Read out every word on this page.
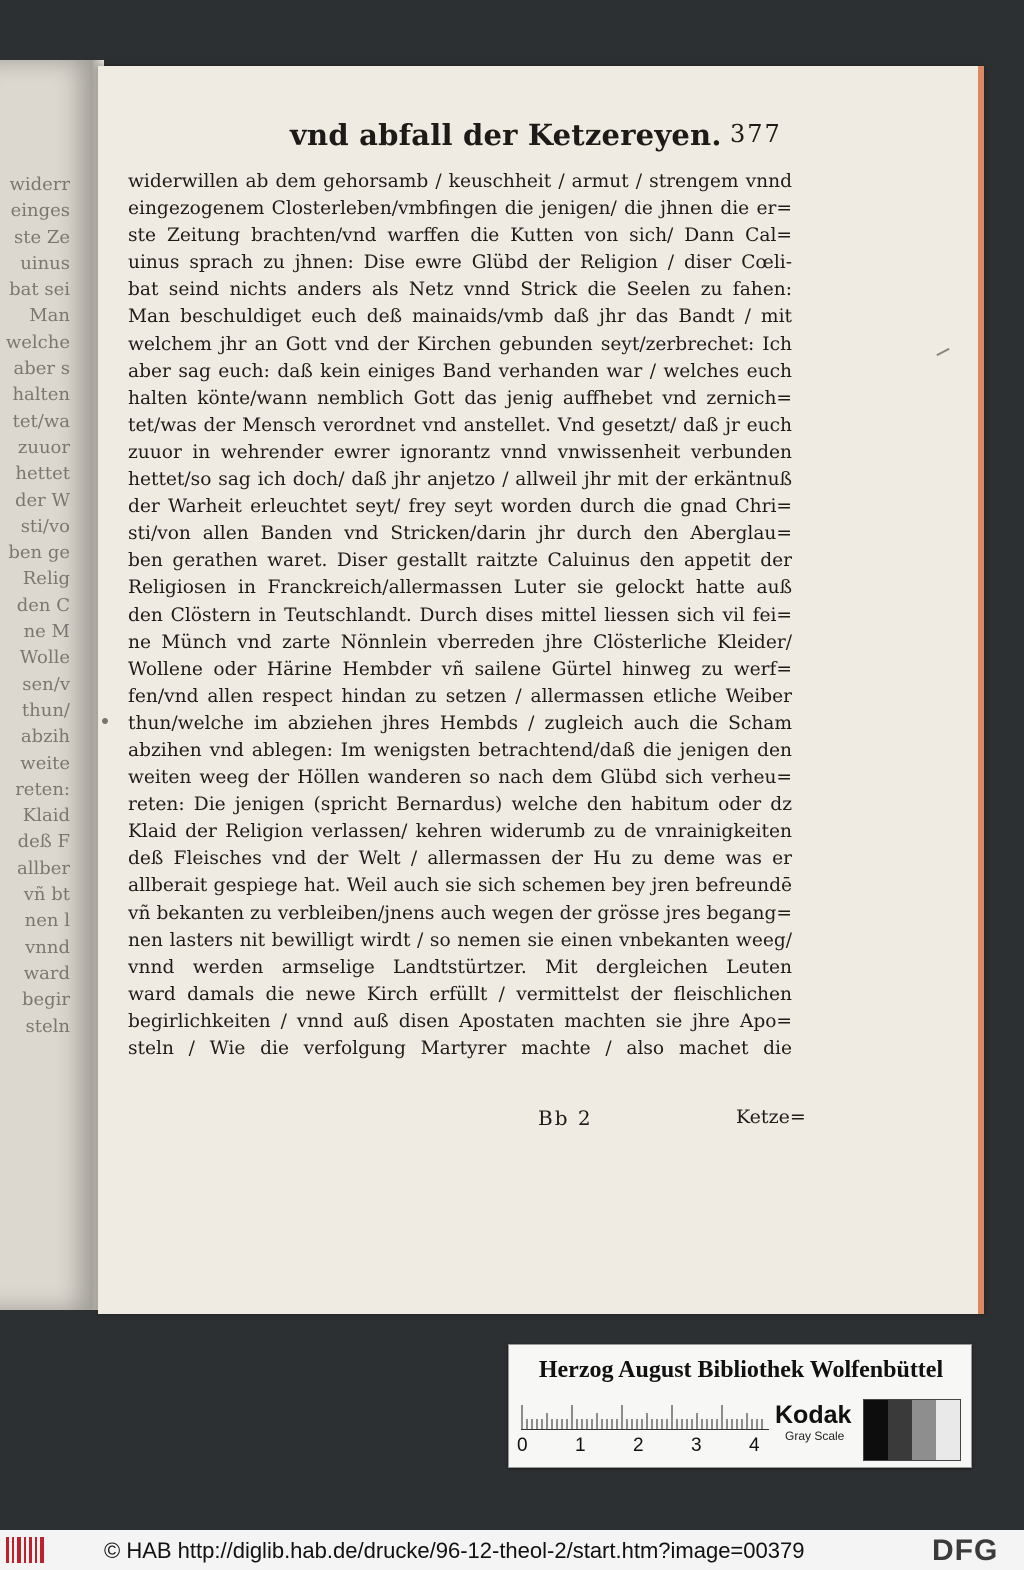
widerr
einges
ste Ze
uinus
bat sei
Man
welche
aber s
halten
tet/wa
zuuor
hettet
der W
sti/vo
ben ge
Relig
den C
ne M
Wolle
sen/v
thun/
abzih
weite
reten:
Klaid
deß F
allber
vñ bt
nen l
vnnd
ward
begir
steln
vnd abfall der Ketzereyen. 377
widerwillen ab dem gehorsamb / keuschheit / armut / strengem vnnd
eingezogenem Closterleben/vmbfingen die jenigen/ die jhnen die er=
ste Zeitung brachten/vnd warffen die Kutten von sich/ Dann Cal=
uinus sprach zu jhnen: Dise ewre Glübd der Religion / diser Cœli-
bat seind nichts anders als Netz vnnd Strick die Seelen zu fahen:
Man beschuldiget euch deß mainaids/vmb daß jhr das Bandt / mit
welchem jhr an Gott vnd der Kirchen gebunden seyt/zerbrechet: Ich
aber sag euch: daß kein einiges Band verhanden war / welches euch
halten könte/wann nemblich Gott das jenig auffhebet vnd zernich=
tet/was der Mensch verordnet vnd anstellet. Vnd gesetzt/ daß jr euch
zuuor in wehrender ewrer ignorantz vnnd vnwissenheit verbunden
hettet/so sag ich doch/ daß jhr anjetzo / allweil jhr mit der erkäntnuß
der Warheit erleuchtet seyt/ frey seyt worden durch die gnad Chri=
sti/von allen Banden vnd Stricken/darin jhr durch den Aberglau=
ben gerathen waret. Diser gestallt raitzte Caluinus den appetit der
Religiosen in Franckreich/allermassen Luter sie gelockt hatte auß
den Clöstern in Teutschlandt. Durch dises mittel liessen sich vil fei=
ne Münch vnd zarte Nönnlein vberreden jhre Clösterliche Kleider/
Wollene oder Härine Hembder vñ sailene Gürtel hinweg zu werf=
fen/vnd allen respect hindan zu setzen / allermassen etliche Weiber
thun/welche im abziehen jhres Hembds / zugleich auch die Scham
abzihen vnd ablegen: Im wenigsten betrachtend/daß die jenigen den
weiten weeg der Höllen wanderen so nach dem Glübd sich verheu=
reten: Die jenigen (spricht Bernardus) welche den habitum oder dz
Klaid der Religion verlassen/ kehren widerumb zu de vnrainigkeiten
deß Fleisches vnd der Welt / allermassen der Hu zu deme was er
allberait gespiege hat. Weil auch sie sich schemen bey jren befreundē
vñ bekanten zu verbleiben/jnens auch wegen der grösse jres begang=
nen lasters nit bewilligt wirdt / so nemen sie einen vnbekanten weeg/
vnnd werden armselige Landtstürtzer. Mit dergleichen Leuten
ward damals die newe Kirch erfüllt / vermittelst der fleischlichen
begirlichkeiten / vnnd auß disen Apostaten machten sie jhre Apo=
steln / Wie die verfolgung Martyrer machte / also machet die
Bb 2	Ketze=
Herzog August Bibliothek Wolfenbüttel
0 1 2 3 4
Kodak
Gray Scale
© HAB http://diglib.hab.de/drucke/96-12-theol-2/start.htm?image=00379	DFG
